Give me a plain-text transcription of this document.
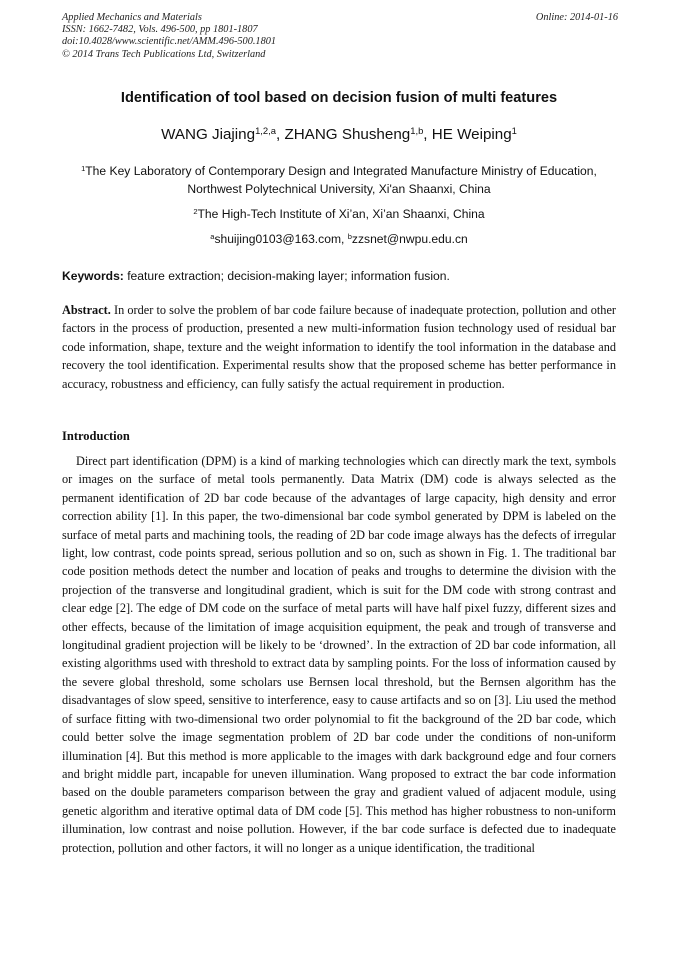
Applied Mechanics and Materials
ISSN: 1662-7482, Vols. 496-500, pp 1801-1807
doi:10.4028/www.scientific.net/AMM.496-500.1801
© 2014 Trans Tech Publications Ltd, Switzerland
Online: 2014-01-16
Identification of tool based on decision fusion of multi features
WANG Jiajing$^{1,2,a}$, ZHANG Shusheng$^{1,b}$, HE Weiping$^1$
$^1$The Key Laboratory of Contemporary Design and Integrated Manufacture Ministry of Education,
Northwest Polytechnical University, Xi'an Shaanxi, China
$^2$The High-Tech Institute of Xi’an, Xi’an Shaanxi, China
$^a$shuijing0103@163.com, $^b$zzsnet@nwpu.edu.cn
Keywords: feature extraction; decision-making layer; information fusion.
Abstract. In order to solve the problem of bar code failure because of inadequate protection, pollution and other factors in the process of production, presented a new multi-information fusion technology used of residual bar code information, shape, texture and the weight information to identify the tool information in the database and recovery the tool identification. Experimental results show that the proposed scheme has better performance in accuracy, robustness and efficiency, can fully satisfy the actual requirement in production.
Introduction

Direct part identification (DPM) is a kind of marking technologies which can directly mark the text, symbols or images on the surface of metal tools permanently. Data Matrix (DM) code is always selected as the permanent identification of 2D bar code because of the advantages of large capacity, high density and error correction ability [1]. In this paper, the two-dimensional bar code symbol generated by DPM is labeled on the surface of metal parts and machining tools, the reading of 2D bar code image always has the defects of irregular light, low contrast, code points spread, serious pollution and so on, such as shown in Fig. 1. The traditional bar code position methods detect the number and location of peaks and troughs to determine the division with the projection of the transverse and longitudinal gradient, which is suit for the DM code with strong contrast and clear edge [2]. The edge of DM code on the surface of metal parts will have half pixel fuzzy, different sizes and other effects, because of the limitation of image acquisition equipment, the peak and trough of transverse and longitudinal gradient projection will be likely to be ‘drowned’. In the extraction of 2D bar code information, all existing algorithms used with threshold to extract data by sampling points. For the loss of information caused by the severe global threshold, some scholars use Bernsen local threshold, but the Bernsen algorithm has the disadvantages of slow speed, sensitive to interference, easy to cause artifacts and so on [3]. Liu used the method of surface fitting with two-dimensional two order polynomial to fit the background of the 2D bar code, which could better solve the image segmentation problem of 2D bar code under the conditions of non-uniform illumination [4]. But this method is more applicable to the images with dark background edge and four corners and bright middle part, incapable for uneven illumination. Wang proposed to extract the bar code information based on the double parameters comparison between the gray and gradient valued of adjacent module, using genetic algorithm and iterative optimal data of DM code [5]. This method has higher robustness to non-uniform illumination, low contrast and noise pollution. However, if the bar code surface is defected due to inadequate protection, pollution and other factors, it will no longer as a unique identification, the traditional
